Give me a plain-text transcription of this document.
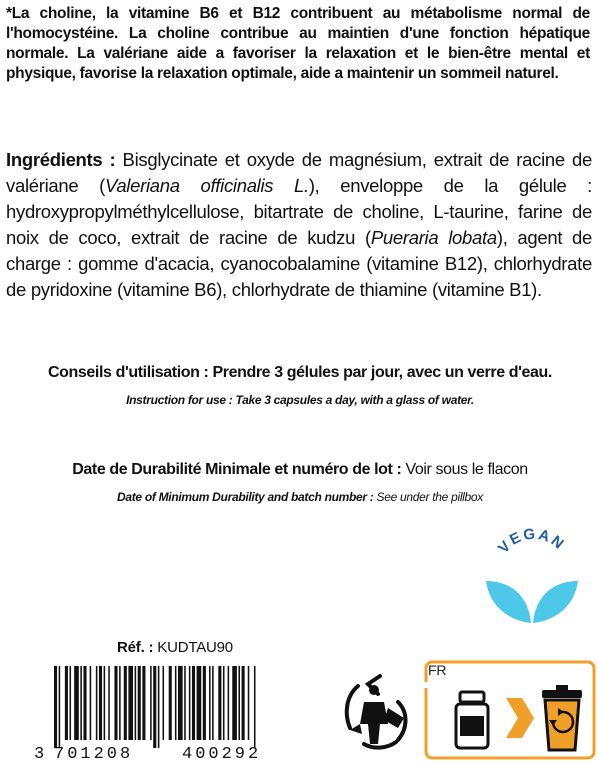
*La choline, la vitamine B6 et B12 contribuent au métabolisme normal de l'homocystéine. La choline contribue au maintien d'une fonction hépatique normale. La valériane aide a favoriser la relaxation et le bien-être mental et physique, favorise la relaxation optimale, aide a maintenir un sommeil naturel.
Ingrédients : Bisglycinate et oxyde de magnésium, extrait de racine de valériane (Valeriana officinalis L.), enveloppe de la gélule : hydroxypropylméthylcellulose, bitartrate de choline, L-taurine, farine de noix de coco, extrait de racine de kudzu (Pueraria lobata), agent de charge : gomme d'acacia, cyanocobalamine (vitamine B12), chlorhydrate de pyridoxine (vitamine B6), chlorhydrate de thiamine (vitamine B1).
Conseils d'utilisation : Prendre 3 gélules par jour, avec un verre d'eau.
Instruction for use : Take 3 capsules a day, with a glass of water.
Date de Durabilité Minimale et numéro de lot : Voir sous le flacon
Date of Minimum Durability and batch number : See under the pillbox
VEGAN
Réf. : KUDTAU90
3 701208	400292
FR
